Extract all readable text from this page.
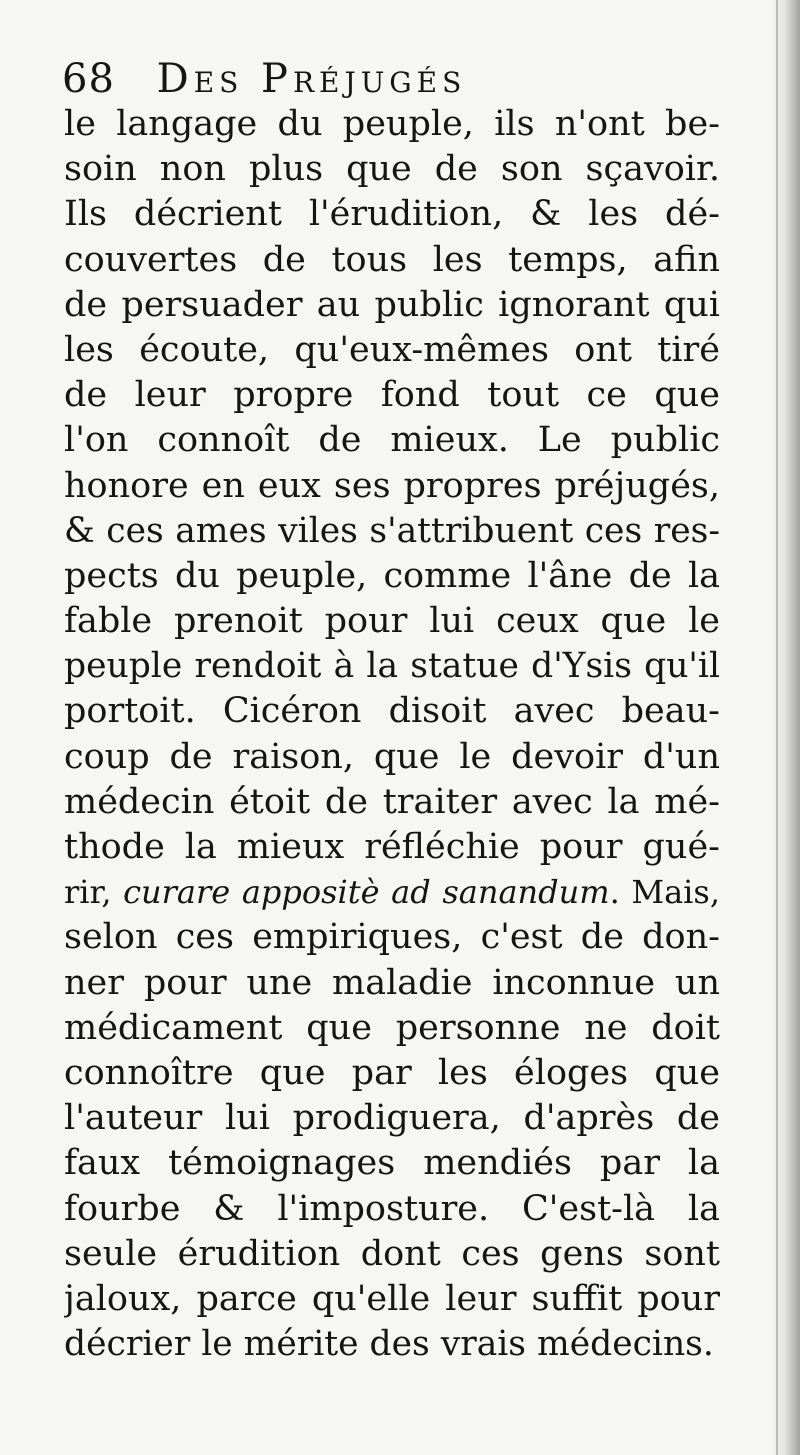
68 Des Préjugés
le langage du peuple, ils n'ont be-
soin non plus que de son sçavoir.
Ils décrient l'érudition, & les dé-
couvertes de tous les temps, afin
de persuader au public ignorant qui
les écoute, qu'eux-mêmes ont tiré
de leur propre fond tout ce que
l'on connoît de mieux. Le public
honore en eux ses propres préjugés,
& ces ames viles s'attribuent ces res-
pects du peuple, comme l'âne de la
fable prenoit pour lui ceux que le
peuple rendoit à la statue d'Ysis qu'il
portoit. Cicéron disoit avec beau-
coup de raison, que le devoir d'un
médecin étoit de traiter avec la mé-
thode la mieux réfléchie pour gué-
rir, curare appositè ad sanandum. Mais,
selon ces empiriques, c'est de don-
ner pour une maladie inconnue un
médicament que personne ne doit
connoître que par les éloges que
l'auteur lui prodiguera, d'après de
faux témoignages mendiés par la
fourbe & l'imposture. C'est-là la
seule érudition dont ces gens sont
jaloux, parce qu'elle leur suffit pour
décrier le mérite des vrais médecins.
